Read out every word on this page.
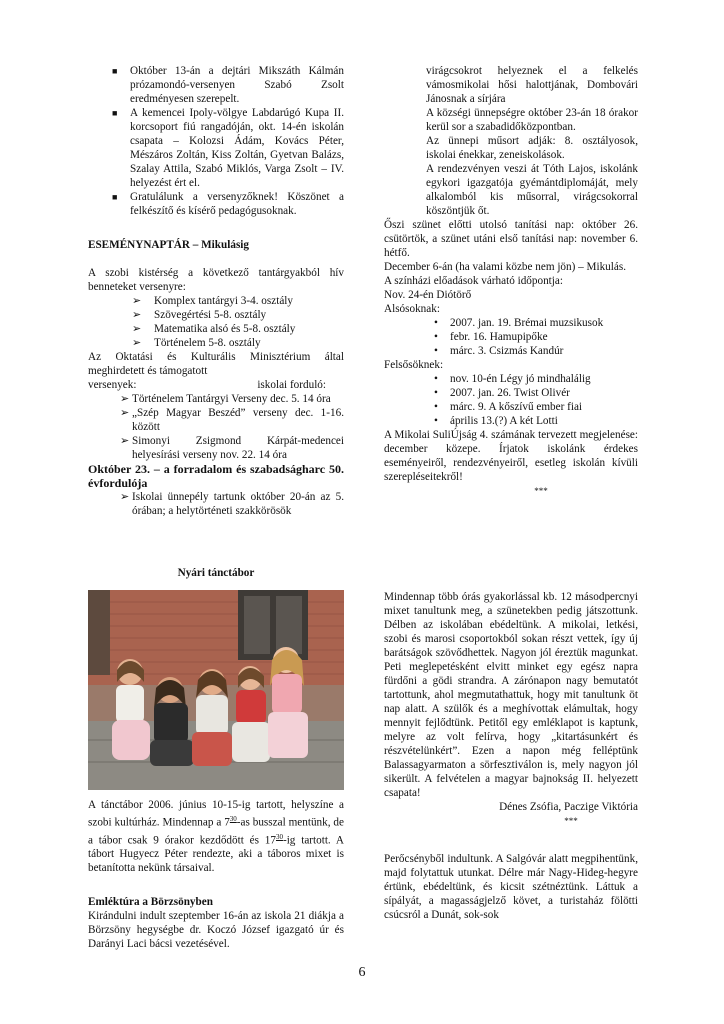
■ Október 13-án a dejtári Mikszáth Kálmán prózamondó-versenyen Szabó Zsolt eredményesen szerepelt.

■ A kemencei Ipoly-völgye Labdarúgó Kupa II. korcsoport fiú rangadóján, okt. 14-én iskolán csapata – Kolozsi Ádám, Kovács Péter, Mészáros Zoltán, Kiss Zoltán, Gyetvan Balázs, Szalay Attila, Szabó Miklós, Varga Zsolt – IV. helyezést ért el.

■ Gratulálunk a versenyzőknek! Köszönet a felkészítő és kísérő pedagógusoknak.

ESEMÉNYNAPTÁR – Mikulásig

A szobi kistérség a következő tantárgyakból hív benneteket versenyre:

➢ Komplex tantárgyi 3-4. osztály

➢ Szövegértési 5-8. osztály

➢ Matematika alsó és 5-8. osztály

➢ Történelem 5-8. osztály

Az Oktatási és Kulturális Minisztérium által meghirdetett és támogatott

versenyek:	iskolai forduló:

➢ Történelem Tantárgyi Verseny dec. 5. 14 óra

➢ „Szép Magyar Beszéd” verseny dec. 1-16. között

➢ Simonyi Zsigmond Kárpát-medencei helyesírási verseny nov. 22. 14 óra

Október 23. – a forradalom és szabadságharc 50. évfordulója

➢ Iskolai ünnepély tartunk október 20-án az 5. órában; a helytörténeti szakkörösök

virágcsokrot helyeznek el a felkelés vámosmikolai hősi halottjának, Dombovári Jánosnak a sírjára

A községi ünnepségre október 23-án 18 órakor kerül sor a szabadidőközpontban.

Az ünnepi műsort adják: 8. osztályosok, iskolai énekkar, zeneiskolások.

A rendezvényen veszi át Tóth Lajos, iskolánk egykori igazgatója gyémántdiplomáját, mely alkalomból kis műsorral, virágcsokorral köszöntjük őt.

Őszi szünet előtti utolsó tanítási nap: október 26. csütörtök, a szünet utáni első tanítási nap: november 6. hétfő.

December 6-án (ha valami közbe nem jön) – Mikulás.

A színházi előadások várható időpontja:

Nov. 24-én Diótörő

Alsósoknak:

• 2007. jan. 19. Brémai muzsikusok

• febr. 16. Hamupipőke

• márc. 3. Csizmás Kandúr

Felsősöknek:

• nov. 10-én Légy jó mindhalálig

• 2007. jan. 26. Twist Olivér

• márc. 9. A kőszívű ember fiai

• április 13.(?) A két Lotti

A Mikolai SuliÚjság 4. számának tervezett megjelenése: december közepe. Írjatok iskolánk érdekes eseményeiről, rendezvényeiről, esetleg iskolán kívüli szerepléseitekről!

***

Nyári tánctábor

A tánctábor 2006. június 10-15-ig tartott, helyszíne a szobi kultúrház. Mindennap a $7^{30}-as$ busszal mentünk, de a tábor csak 9 órakor kezdődött és $17^{30}-ig$ tartott. A tábort Hugyecz Péter rendezte, aki a táboros mixet is betanította nekünk társaival.

Emléktúra a Börzsönyben

Kirándulni indult szeptember 16-án az iskola 21 diákja a Börzsöny hegységbe dr. Koczó József igazgató úr és Darányi Laci bácsi vezetésével.

Mindennap több órás gyakorlással kb. 12 másodpercnyi mixet tanultunk meg, a szünetekben pedig játszottunk. Délben az iskolában ebédeltünk. A mikolai, letkési, szobi és marosi csoportokból sokan részt vettek, így új barátságok szövődhettek. Nagyon jól éreztük magunkat. Peti meglepetésként elvitt minket egy egész napra fürdőni a gödi strandra. A zárónapon nagy bemutatót tartottunk, ahol megmutathattuk, hogy mit tanultunk öt nap alatt. A szülők és a meghívottak elámultak, hogy mennyit fejlődtünk. Petitől egy emléklapot is kaptunk, melyre az volt felírva, hogy „kitartásunkért és részvételünkért”. Ezen a napon még felléptünk Balassagyarmaton a sörfesztiválon is, mely nagyon jól sikerült. A felvételen a magyar bajnokság II. helyezett csapata!

Dénes Zsófia, Paczige Viktória

***

Perőcsényből indultunk. A Salgóvár alatt megpihentünk, majd folytattuk utunkat. Délre már Nagy-Hideg-hegyre értünk, ebédeltünk, és kicsit szétnéztünk. Láttuk a sípályát, a magasságjelző követ, a turistaház fölötti csúcsról a Dunát, sok-sok

6
